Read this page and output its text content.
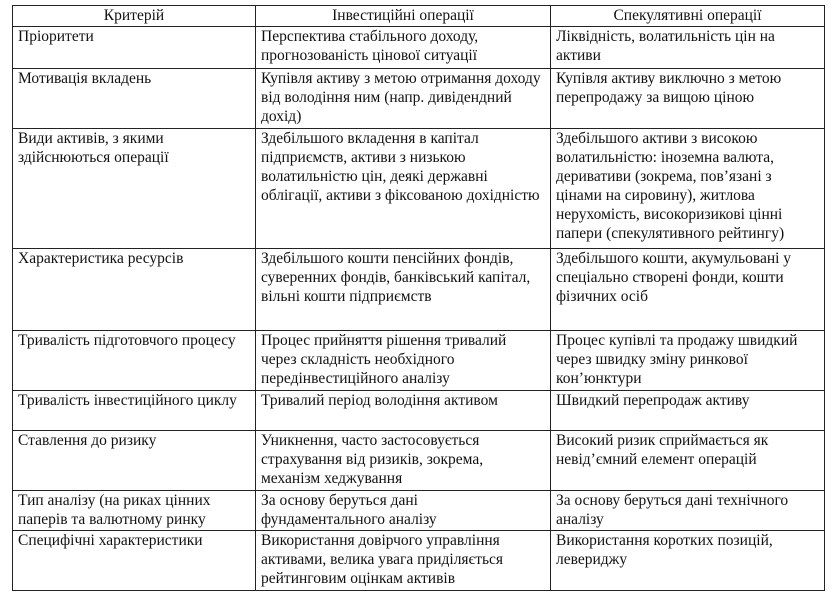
Критерій	Інвестиційні операції	Спекулятивні операції
Пріоритети	Перспектива стабільного доходу, прогнозованість цінової ситуації	Ліквідність, волатильність цін на активи
Мотивація вкладень	Купівля активу з метою отримання доходу від володіння ним (напр. дивідендний дохід)	Купівля активу виключно з метою перепродажу за вищою ціною
Види активів, з якими здійснюються операції	Здебільшого вкладення в капітал підприємств, активи з низькою волатильністю цін, деякі державні облігації, активи з фіксованою дохідністю	Здебільшого активи з високою волатильністю: іноземна валюта, деривативи (зокрема, пов’язані з цінами на сировину), житлова нерухомість, високоризикові цінні папери (спекулятивного рейтингу)
Характеристика ресурсів	Здебільшого кошти пенсійних фондів, суверенних фондів, банківський капітал, вільні кошти підприємств	Здебільшого кошти, акумульовані у спеціально створені фонди, кошти фізичних осіб
Тривалість підготовчого процесу	Процес прийняття рішення тривалий через складність необхідного передінвестиційного аналізу	Процес купівлі та продажу швидкий через швидку зміну ринкової кон’юнктури
Тривалість інвестиційного циклу	Тривалий період володіння активом	Швидкий перепродаж активу
Ставлення до ризику	Уникнення, часто застосовується страхування від ризиків, зокрема, механізм хеджування	Високий ризик сприймається як невід’ємний елемент операцій
Тип аналізу (на риках цінних паперів та валютному ринку	За основу беруться дані фундаментального аналізу	За основу беруться дані технічного аналізу
Специфічні характеристики	Використання довірчого управління активами, велика увага приділяється рейтинговим оцінкам активів	Використання коротких позицій, левериджу
